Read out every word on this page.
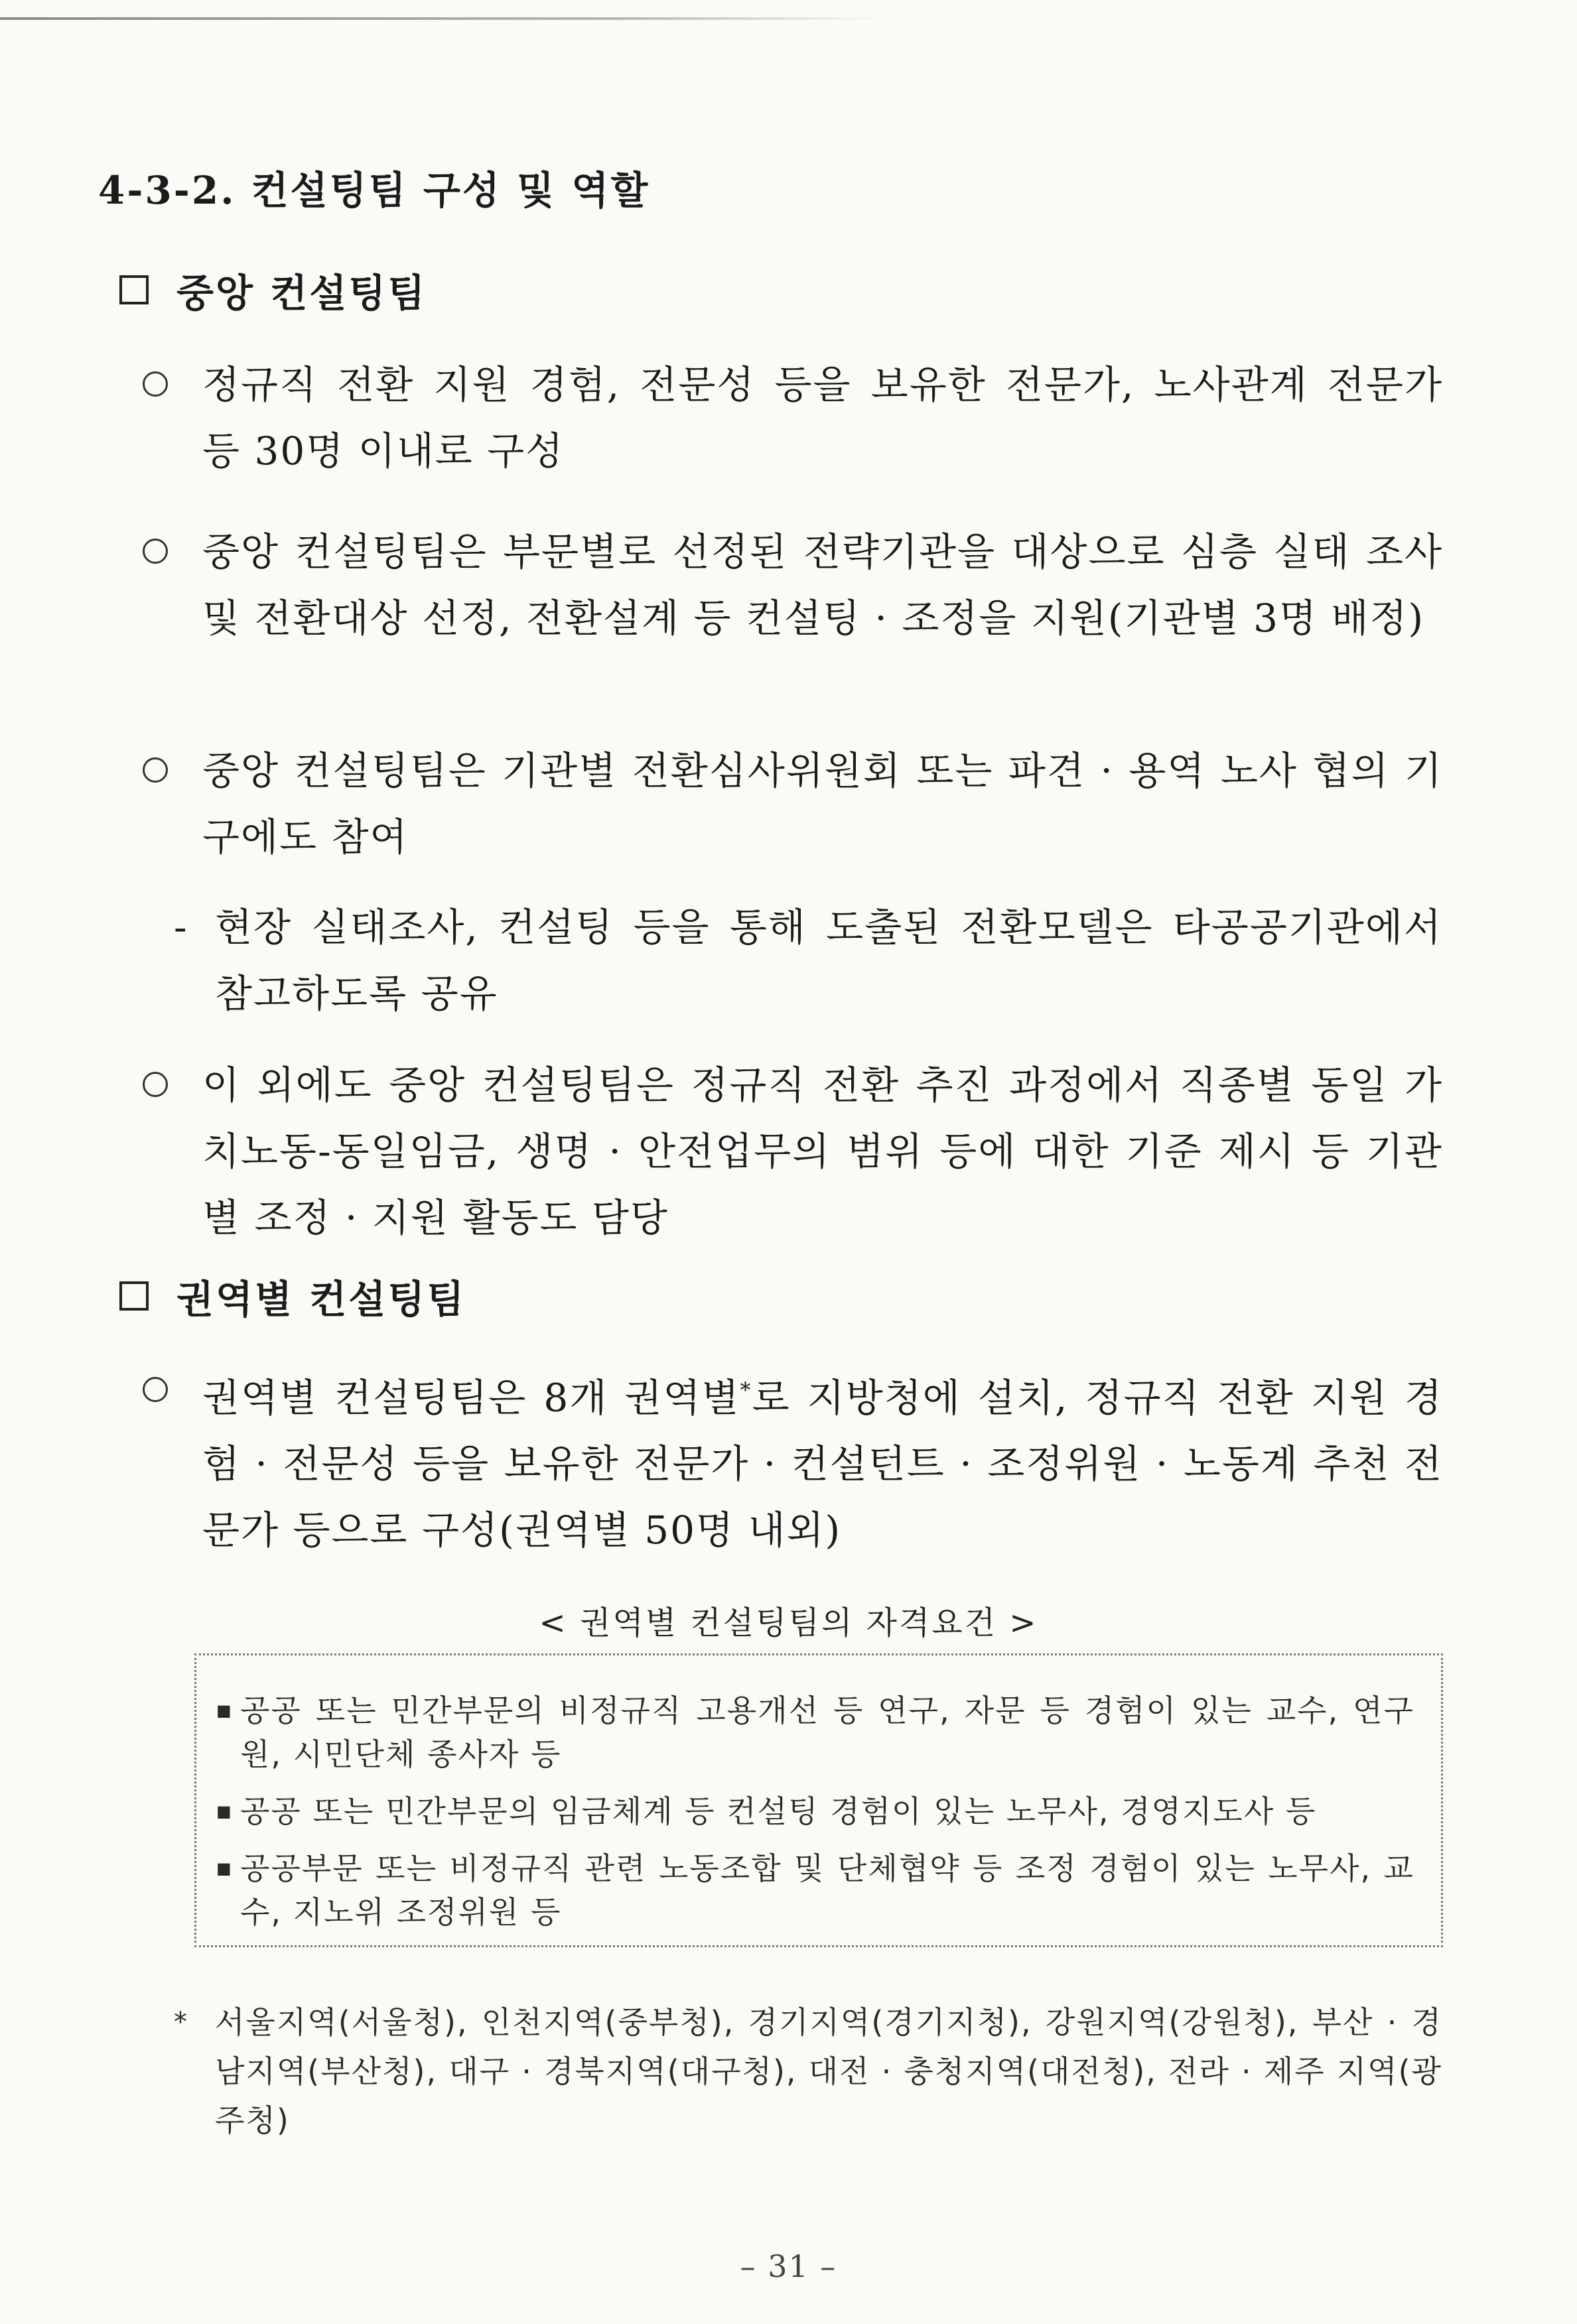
4-3-2. 컨설팅팀 구성 및 역할
중앙 컨설팅팀
정규직 전환 지원 경험, 전문성 등을 보유한 전문가, 노사관계 전문가 등 30명 이내로 구성
중앙 컨설팅팀은 부문별로 선정된 전략기관을 대상으로 심층 실태 조사 및 전환대상 선정, 전환설계 등 컨설팅 · 조정을 지원(기관별 3명 배정)
중앙 컨설팅팀은 기관별 전환심사위원회 또는 파견 · 용역 노사 협의 기구에도 참여
- 현장 실태조사, 컨설팅 등을 통해 도출된 전환모델은 타공공기관에서 참고하도록 공유
이 외에도 중앙 컨설팅팀은 정규직 전환 추진 과정에서 직종별 동일 가치노동-동일임금, 생명 · 안전업무의 범위 등에 대한 기준 제시 등 기관별 조정 · 지원 활동도 담당
권역별 컨설팅팀
권역별 컨설팅팀은 8개 권역별*로 지방청에 설치, 정규직 전환 지원 경험 · 전문성 등을 보유한 전문가 · 컨설턴트 · 조정위원 · 노동계 추천 전문가 등으로 구성(권역별 50명 내외)
< 권역별 컨설팅팀의 자격요건 >
■ 공공 또는 민간부문의 비정규직 고용개선 등 연구, 자문 등 경험이 있는 교수, 연구원, 시민단체 종사자 등
■ 공공 또는 민간부문의 임금체계 등 컨설팅 경험이 있는 노무사, 경영지도사 등
■ 공공부문 또는 비정규직 관련 노동조합 및 단체협약 등 조정 경험이 있는 노무사, 교수, 지노위 조정위원 등
* 서울지역(서울청), 인천지역(중부청), 경기지역(경기지청), 강원지역(강원청), 부산 · 경남지역(부산청), 대구 · 경북지역(대구청), 대전 · 충청지역(대전청), 전라 · 제주 지역(광주청)
– 31 –
